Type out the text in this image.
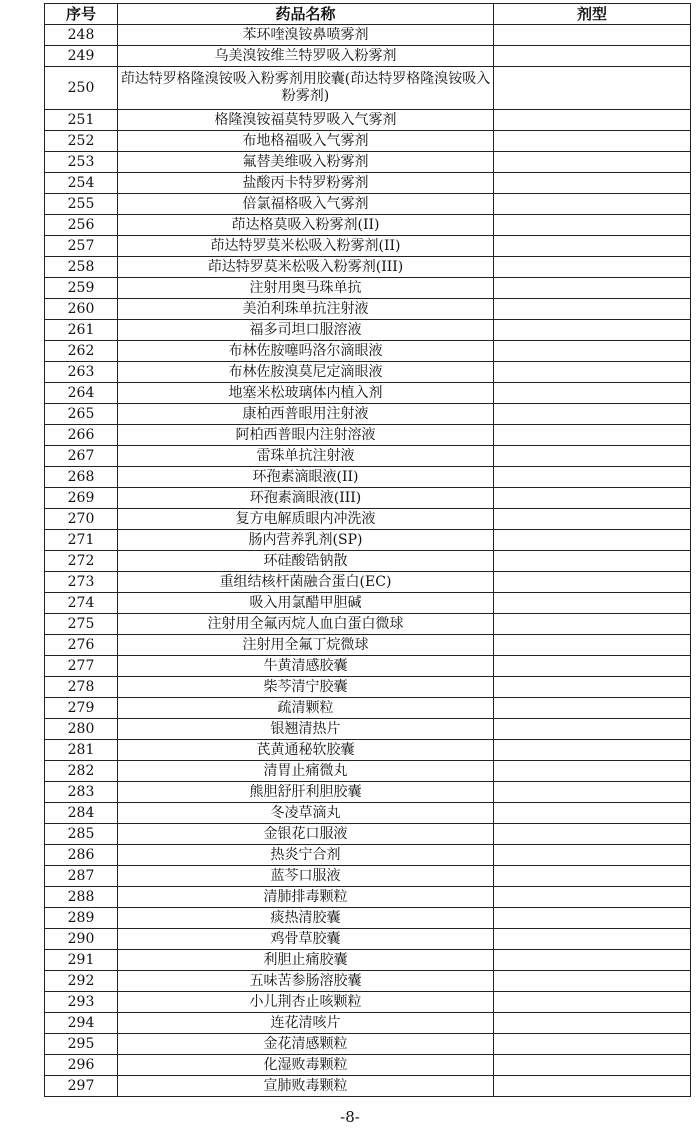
序号	药品名称	剂型
248	苯环喹溴铵鼻喷雾剂	
249	乌美溴铵维兰特罗吸入粉雾剂	
250	茚达特罗格隆溴铵吸入粉雾剂用胶囊(茚达特罗格隆溴铵吸入粉雾剂)	
251	格隆溴铵福莫特罗吸入气雾剂	
252	布地格福吸入气雾剂	
253	氟替美维吸入粉雾剂	
254	盐酸丙卡特罗粉雾剂	
255	倍氯福格吸入气雾剂	
256	茚达格莫吸入粉雾剂(II)	
257	茚达特罗莫米松吸入粉雾剂(II)	
258	茚达特罗莫米松吸入粉雾剂(III)	
259	注射用奥马珠单抗	
260	美泊利珠单抗注射液	
261	福多司坦口服溶液	
262	布林佐胺噻吗洛尔滴眼液	
263	布林佐胺溴莫尼定滴眼液	
264	地塞米松玻璃体内植入剂	
265	康柏西普眼用注射液	
266	阿柏西普眼内注射溶液	
267	雷珠单抗注射液	
268	环孢素滴眼液(II)	
269	环孢素滴眼液(III)	
270	复方电解质眼内冲洗液	
271	肠内营养乳剂(SP)	
272	环硅酸锆钠散	
273	重组结核杆菌融合蛋白(EC)	
274	吸入用氯醋甲胆碱	
275	注射用全氟丙烷人血白蛋白微球	
276	注射用全氟丁烷微球	
277	牛黄清感胶囊	
278	柴芩清宁胶囊	
279	疏清颗粒	
280	银翘清热片	
281	芪黄通秘软胶囊	
282	清胃止痛微丸	
283	熊胆舒肝利胆胶囊	
284	冬凌草滴丸	
285	金银花口服液	
286	热炎宁合剂	
287	蓝芩口服液	
288	清肺排毒颗粒	
289	痰热清胶囊	
290	鸡骨草胶囊	
291	利胆止痛胶囊	
292	五味苦参肠溶胶囊	
293	小儿荆杏止咳颗粒	
294	连花清咳片	
295	金花清感颗粒	
296	化湿败毒颗粒	
297	宣肺败毒颗粒	
-8-
